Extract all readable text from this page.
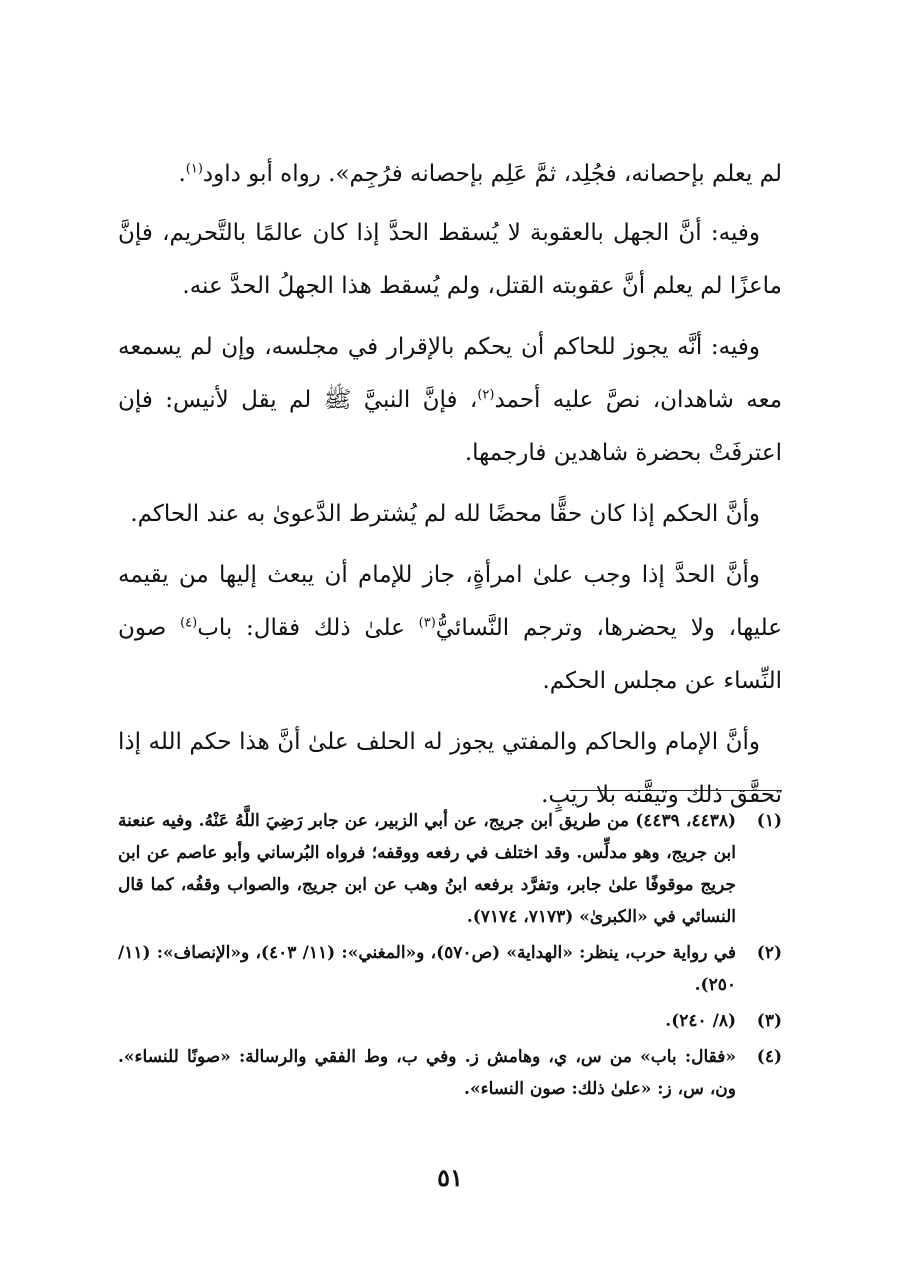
لم يعلم بإحصانه، فجُلِد، ثمَّ عَلِم بإحصانه فرُجِم». رواه أبو داود$^{(١)}$.

وفيه: أنَّ الجهل بالعقوبة لا يُسقط الحدَّ إذا كان عالمًا بالتَّحريم، فإنَّ ماعزًا لم يعلم أنَّ عقوبته القتل، ولم يُسقط هذا الجهلُ الحدَّ عنه.

وفيه: أنَّه يجوز للحاكم أن يحكم بالإقرار في مجلسه، وإن لم يسمعه معه شاهدان، نصَّ عليه أحمد$^{(٢)}$، فإنَّ النبيَّ ﷺ لم يقل لأنيس: فإن اعترفَتْ بحضرة شاهدين فارجمها.

وأنَّ الحكم إذا كان حقًّا محضًا لله لم يُشترط الدَّعوىٰ به عند الحاكم.

وأنَّ الحدَّ إذا وجب علىٰ امرأةٍ، جاز للإمام أن يبعث إليها من يقيمه عليها، ولا يحضرها، وترجم النَّسائيُّ$^{(٣)}$ علىٰ ذلك فقال: باب$^{(٤)}$ صون النِّساء عن مجلس الحكم.

وأنَّ الإمام والحاكم والمفتي يجوز له الحلف علىٰ أنَّ هذا حكم الله إذا تحقَّق ذلك وتيقَّنه بلا ريبٍ.

(١)
(٤٤٣٨، ٤٤٣٩) من طريق ابن جريج، عن أبي الزبير، عن جابر رَضِيَ اللَّهُ عَنْهُ. وفيه عنعنة ابن جريج، وهو مدلِّس. وقد اختلف في رفعه ووقفه؛ فرواه البُرساني وأبو عاصم عن ابن جريج موقوفًا علىٰ جابر، وتفرَّد برفعه ابنُ وهب عن ابن جريج، والصواب وقفُه، كما قال النسائي في «الكبرىٰ» (٧١٧٣، ٧١٧٤).
(٢)
في رواية حرب، ينظر: «الهداية» (ص٥٧٠)، و«المغني»: (١١/ ٤٠٣)، و«الإنصاف»: (١١/ ٢٥٠).
(٣)
(٨/ ٢٤٠).
(٤)
«فقال: باب» من س، ي، وهامش ز. وفي ب، وط الفقي والرسالة: «صونًا للنساء». ون، س، ز: «علىٰ ذلك: صون النساء».
٥١
